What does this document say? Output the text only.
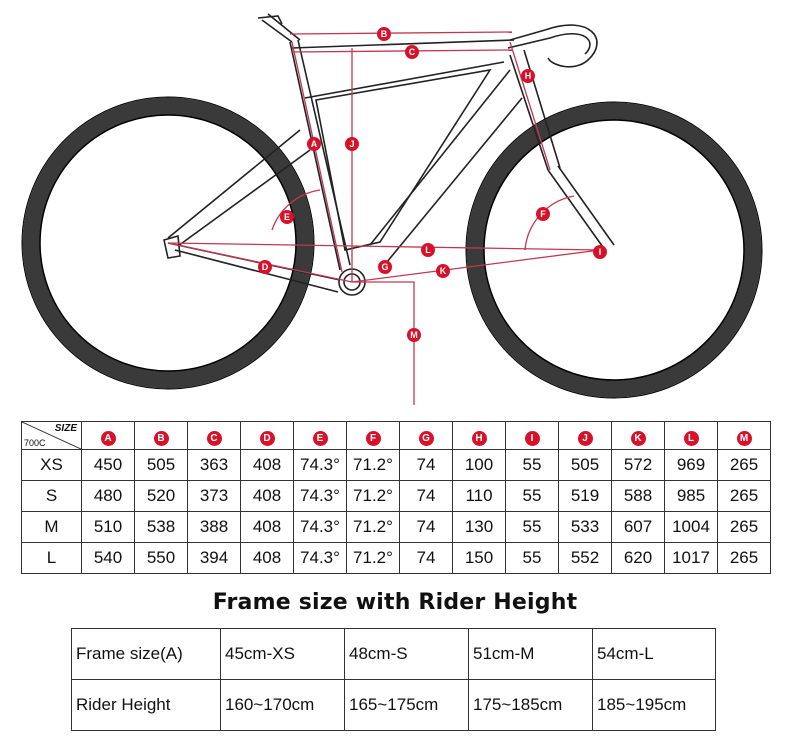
B
C
H
A	J
E	F
L	I
D	G	K
M
SIZE
700C	A	B	C	D	E	F	G	H	I	J	K	L	M
XS	450	505	363	408	74.3°	71.2°	74	100	55	505	572	969	265
S	480	520	373	408	74.3°	71.2°	74	110	55	519	588	985	265
M	510	538	388	408	74.3°	71.2°	74	130	55	533	607	1004	265
L	540	550	394	408	74.3°	71.2°	74	150	55	552	620	1017	265
Frame size with Rider Height
Frame size(A)	45cm-XS	48cm-S	51cm-M	54cm-L
Rider Height	160~170cm	165~175cm	175~185cm	185~195cm
